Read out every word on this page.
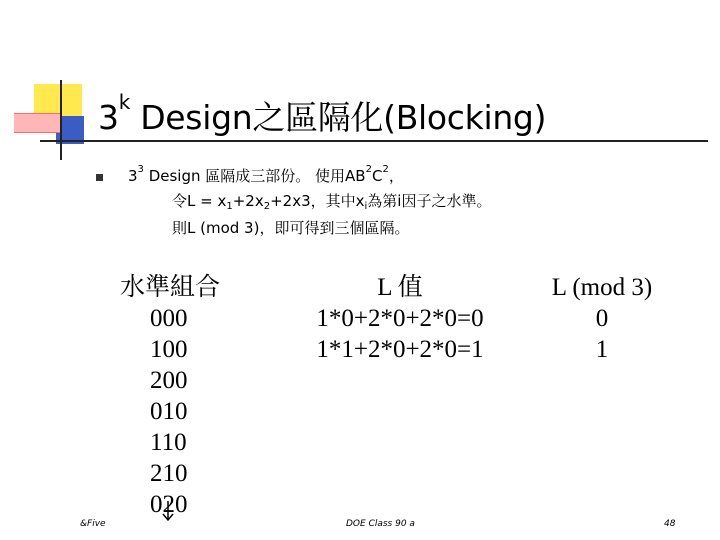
3$^k$ Design之區隔化(Blocking)
$3^3$ Design 區隔成三部份。 使用$AB^2C^2$，
令$L = x_1+2x_2+2x3$，其中$x_i$為第i因子之水準。
則L (mod 3)，即可得到三個區隔。
水準組合
000
100
200
010
110
210
020
L 值
1*0+2*0+2*0=0
1*1+2*0+2*0=1
L (mod 3)
0
1
&Five	DOE Class 90 a	48
